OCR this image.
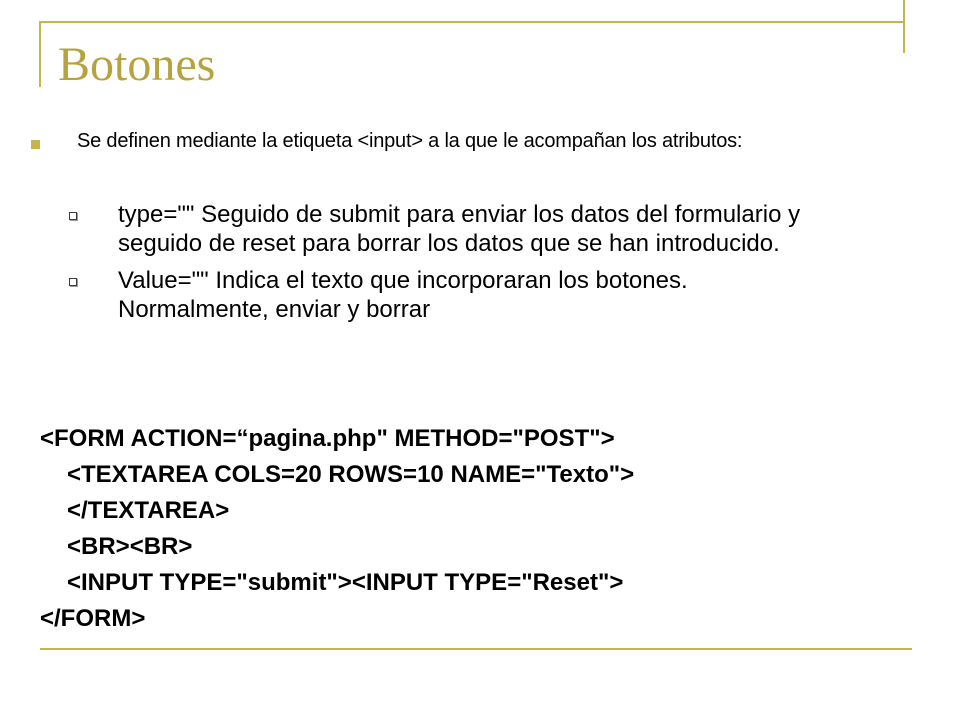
Botones
Se definen mediante la etiqueta <input> a la que le acompañan los atributos:
type="" Seguido de submit para enviar los datos del formulario y seguido de reset para borrar los datos que se han introducido.
Value="" Indica el texto que incorporaran los botones. Normalmente, enviar y borrar
<FORM ACTION=“pagina.php" METHOD="POST">
<TEXTAREA COLS=20 ROWS=10 NAME="Texto">
</TEXTAREA>
<BR><BR>
<INPUT TYPE="submit"><INPUT TYPE="Reset">
</FORM>
